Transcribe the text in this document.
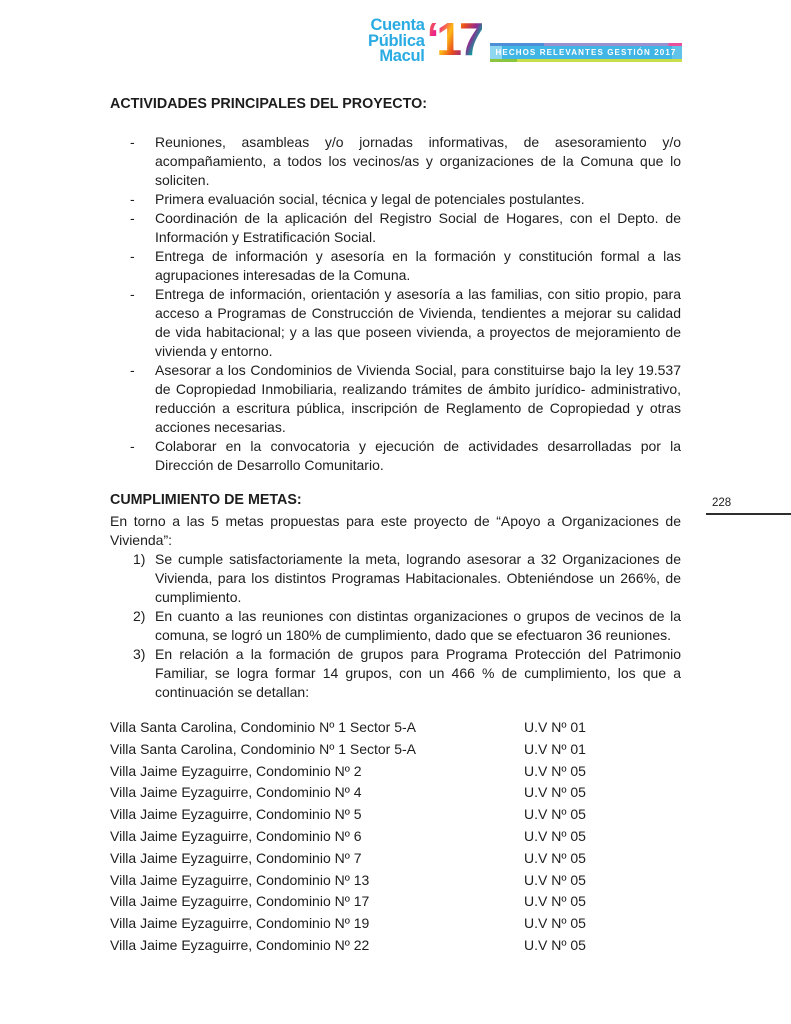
Cuenta
Pública
Macul ‘17 HECHOS RELEVANTES GESTIÓN 2017
228
ACTIVIDADES PRINCIPALES DEL PROYECTO:
- Reuniones, asambleas y/o jornadas informativas, de asesoramiento y/o acompañamiento, a todos los vecinos/as y organizaciones de la Comuna que lo soliciten.
- Primera evaluación social, técnica y legal de potenciales postulantes.
- Coordinación de la aplicación del Registro Social de Hogares, con el Depto. de Información y Estratificación Social.
- Entrega de información y asesoría en la formación y constitución formal a las agrupaciones interesadas de la Comuna.
- Entrega de información, orientación y asesoría a las familias, con sitio propio, para acceso a Programas de Construcción de Vivienda, tendientes a mejorar su calidad de vida habitacional; y a las que poseen vivienda, a proyectos de mejoramiento de vivienda y entorno.
- Asesorar a los Condominios de Vivienda Social, para constituirse bajo la ley 19.537 de Copropiedad Inmobiliaria, realizando trámites de ámbito jurídico- administrativo, reducción a escritura pública, inscripción de Reglamento de Copropiedad y otras acciones necesarias.
- Colaborar en la convocatoria y ejecución de actividades desarrolladas por la Dirección de Desarrollo Comunitario.
CUMPLIMIENTO DE METAS:

En torno a las 5 metas propuestas para este proyecto de “Apoyo a Organizaciones de Vivienda”:

1) Se cumple satisfactoriamente la meta, logrando asesorar a 32 Organizaciones de Vivienda, para los distintos Programas Habitacionales. Obteniéndose un 266%, de cumplimiento.
2) En cuanto a las reuniones con distintas organizaciones o grupos de vecinos de la comuna, se logró un 180% de cumplimiento, dado que se efectuaron 36 reuniones.
3) En relación a la formación de grupos para Programa Protección del Patrimonio Familiar, se logra formar 14 grupos, con un 466 % de cumplimiento, los que a continuación se detallan:
Villa Santa Carolina, Condominio Nº 1 Sector 5-A	U.V Nº 01
Villa Santa Carolina, Condominio Nº 1 Sector 5-A	U.V Nº 01
Villa Jaime Eyzaguirre, Condominio Nº 2	U.V Nº 05
Villa Jaime Eyzaguirre, Condominio Nº 4	U.V Nº 05
Villa Jaime Eyzaguirre, Condominio Nº 5	U.V Nº 05
Villa Jaime Eyzaguirre, Condominio Nº 6	U.V Nº 05
Villa Jaime Eyzaguirre, Condominio Nº 7	U.V Nº 05
Villa Jaime Eyzaguirre, Condominio Nº 13	U.V Nº 05
Villa Jaime Eyzaguirre, Condominio Nº 17	U.V Nº 05
Villa Jaime Eyzaguirre, Condominio Nº 19	U.V Nº 05
Villa Jaime Eyzaguirre, Condominio Nº 22	U.V Nº 05
